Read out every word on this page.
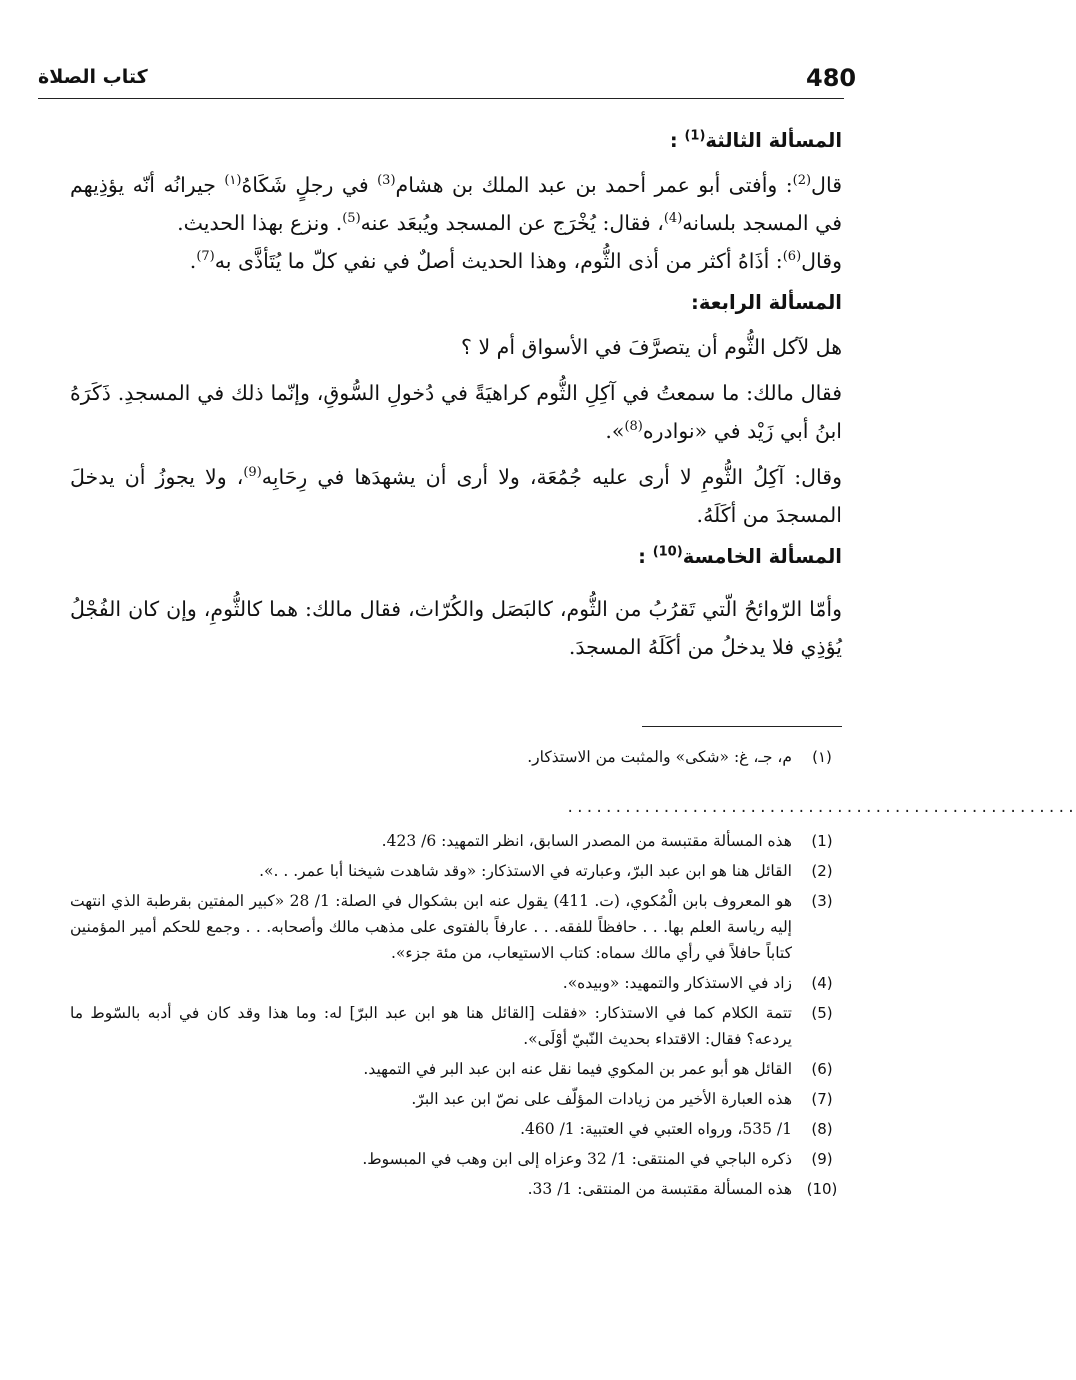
480
كتاب الصلاة

المسألة الثالثة$^{(1)}$ :

قال$^{(2)}$: وأفتى أبو عمر أحمد بن عبد الملك بن هشام$^{(3)}$ في رجلٍ شَكَاهُ$^{(١)}$ جيرانُه أنّه يؤذِيهم في المسجد بلسانه$^{(4)}$، فقال: يُخْرَج عن المسجد ويُبعَد عنه$^{(5)}$. ونزع بهذا الحديث.

وقال$^{(6)}$: أذَاهُ أكثر من أذى الثُّوم، وهذا الحديث أصلٌ في نفي كلّ ما يُتَأذَّى به$^{(7)}$.

المسألة الرابعة:

هل لآكل الثُّوم أن يتصرَّفَ في الأسواق أم لا ؟

فقال مالك: ما سمعتُ في آكِلِ الثُّوم كراهيَةً في دُخولِ السُّوقِ، وإنّما ذلك في المسجدِ. ذَكَرَهُ ابنُ أبي زَيْد في «نوادره$^{(8)}$».

وقال: آكِلُ الثُّومِ لا أرى عليه جُمُعَة، ولا أرى أن يشهدَها في رِحَابِه$^{(9)}$، ولا يجوزُ أن يدخلَ المسجدَ من أكَلَهُ.

المسألة الخامسة$^{(10)}$ :

وأمّا الرّوائحُ الّتي تَقرُبُ من الثُّوم، كالبَصَل والكُرّاث، فقال مالك: هما كالثُّومِ، وإن كان الفُجْلُ يُؤذِي فلا يدخلُ من أكَلَهُ المسجدَ.

(١)
م، جـ، غ: «شكى» والمثبت من الاستذكار.
.....................................................
(1)
هذه المسألة مقتبسة من المصدر السابق، انظر التمهيد: 6/ 423.
(2)
القائل هنا هو ابن عبد البرّ، وعبارته في الاستذكار: «وقد شاهدت شيخنا أبا عمر. . .».
(3)
هو المعروف بابن الْمُكوي، (ت. 411) يقول عنه ابن بشكوال في الصلة: 1/ 28 «كبير المفتين بقرطبة الذي انتهت إليه رياسة العلم بها. . . حافظاً للفقه. . . عارفاً بالفتوى على مذهب مالك وأصحابه. . . وجمع للحكم أمير المؤمنين كتاباً حافلاً في رأي مالك سماه: كتاب الاستيعاب، من مئة جزء».
(4)
زاد في الاستذكار والتمهيد: «وبيده».
(5)
تتمة الكلام كما في الاستذكار: «فقلت [القائل هنا هو ابن عبد البرّ] له: وما هذا وقد كان في أدبه بالسّوط ما يردعه؟ فقال: الاقتداء بحديث النّبيّ أوْلَى».
(6)
القائل هو أبو عمر بن المكوي فيما نقل عنه ابن عبد البر في التمهيد.
(7)
هذه العبارة الأخير من زيادات المؤلّف على نصّ ابن عبد البرّ.
(8)
1/ 535، ورواه العتبي في العتبية: 1/ 460.
(9)
ذكره الباجي في المنتقى: 1/ 32 وعزاه إلى ابن وهب في المبسوط.
(10)
هذه المسألة مقتبسة من المنتقى: 1/ 33.
